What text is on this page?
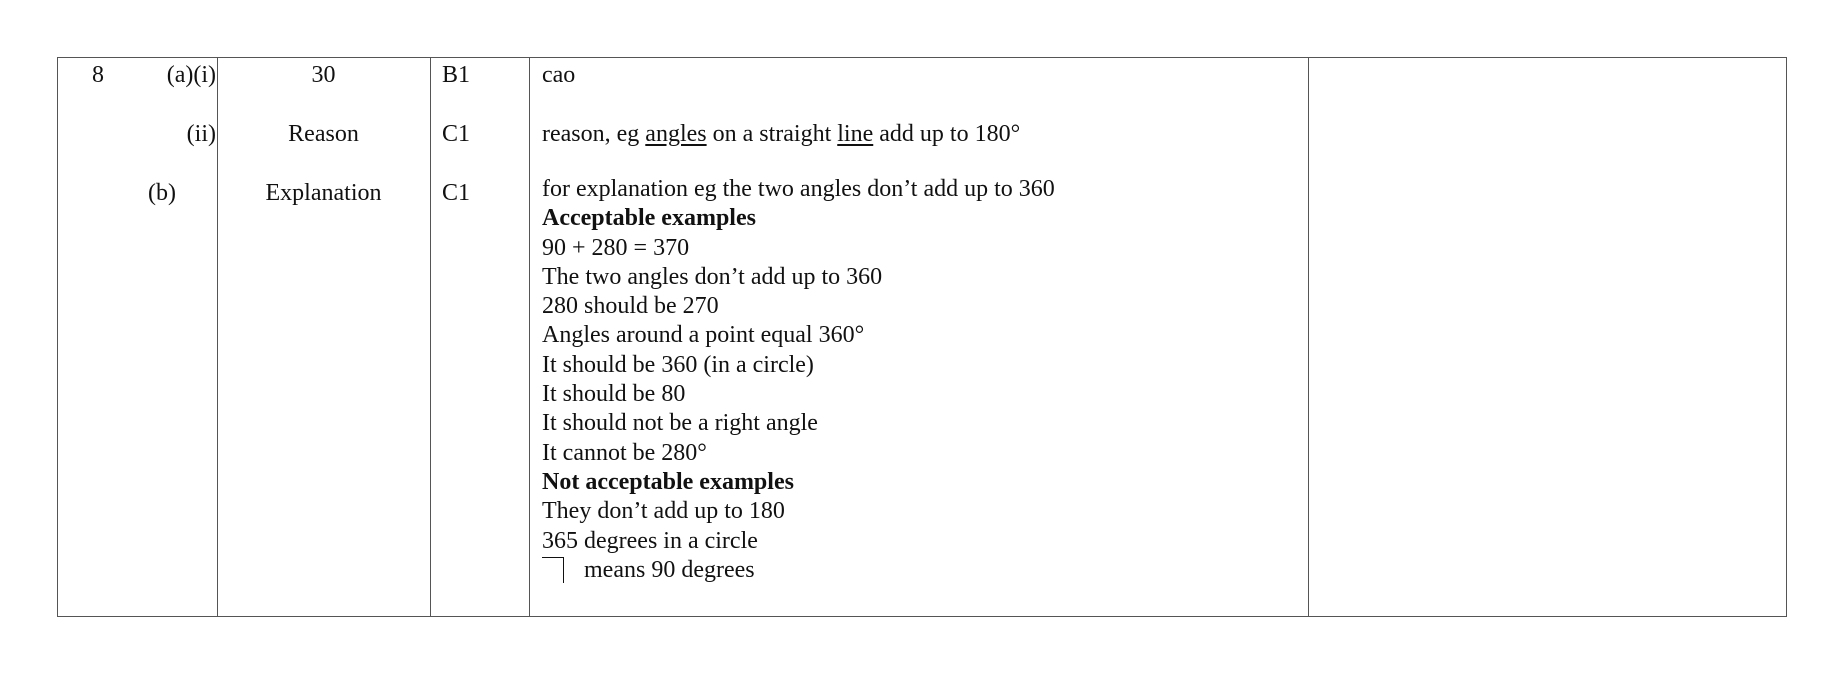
8	(a)(i)
(ii)
(b)
30
Reason
Explanation
B1
C1
C1
cao
reason, eg angles on a straight line add up to 180°
for explanation eg the two angles don’t add up to 360
Acceptable examples
90 + 280 = 370
The two angles don’t add up to 360
280 should be 270
Angles around a point equal 360°
It should be 360 (in a circle)
It should be 80
It should not be a right angle
It cannot be 280°
Not acceptable examples
They don’t add up to 180
365 degrees in a circle
means 90 degrees
